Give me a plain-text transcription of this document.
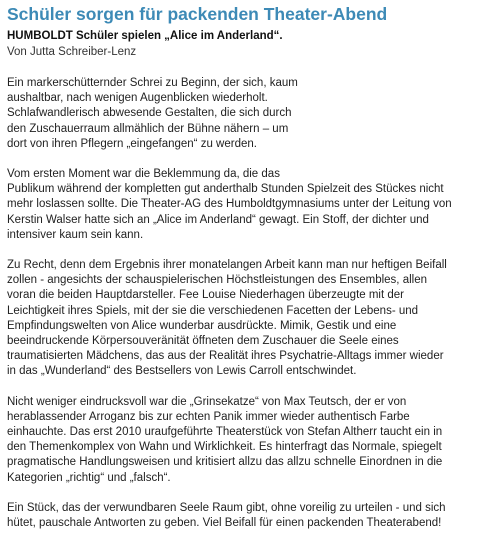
Schüler sorgen für packenden Theater-Abend
HUMBOLDT Schüler spielen „Alice im Anderland“.
Von Jutta Schreiber-Lenz

Ein markerschütternder Schrei zu Beginn, der sich, kaum
aushaltbar, nach wenigen Augenblicken wiederholt.
Schlafwandlerisch abwesende Gestalten, die sich durch
den Zuschauerraum allmählich der Bühne nähern – um
dort von ihren Pflegern „eingefangen“ zu werden.

Vom ersten Moment war die Beklemmung da, die das
Publikum während der kompletten gut anderthalb Stunden Spielzeit des Stückes nicht
mehr loslassen sollte. Die Theater-AG des Humboldtgymnasiums unter der Leitung von
Kerstin Walser hatte sich an „Alice im Anderland“ gewagt. Ein Stoff, der dichter und
intensiver kaum sein kann.

Zu Recht, denn dem Ergebnis ihrer monatelangen Arbeit kann man nur heftigen Beifall
zollen - angesichts der schauspielerischen Höchstleistungen des Ensembles, allen
voran die beiden Hauptdarsteller. Fee Louise Niederhagen überzeugte mit der
Leichtigkeit ihres Spiels, mit der sie die verschiedenen Facetten der Lebens- und
Empfindungswelten von Alice wunderbar ausdrückte. Mimik, Gestik und eine
beeindruckende Körpersouveränität öffneten dem Zuschauer die Seele eines
traumatisierten Mädchens, das aus der Realität ihres Psychatrie-Alltags immer wieder
in das „Wunderland“ des Bestsellers von Lewis Carroll entschwindet.

Nicht weniger eindrucksvoll war die „Grinsekatze“ von Max Teutsch, der er von
herablassender Arroganz bis zur echten Panik immer wieder authentisch Farbe
einhauchte. Das erst 2010 uraufgeführte Theaterstück von Stefan Altherr taucht ein in
den Themenkomplex von Wahn und Wirklichkeit. Es hinterfragt das Normale, spiegelt
pragmatische Handlungsweisen und kritisiert allzu das allzu schnelle Einordnen in die
Kategorien „richtig“ und „falsch“.

Ein Stück, das der verwundbaren Seele Raum gibt, ohne voreilig zu urteilen - und sich
hütet, pauschale Antworten zu geben. Viel Beifall für einen packenden Theaterabend!
